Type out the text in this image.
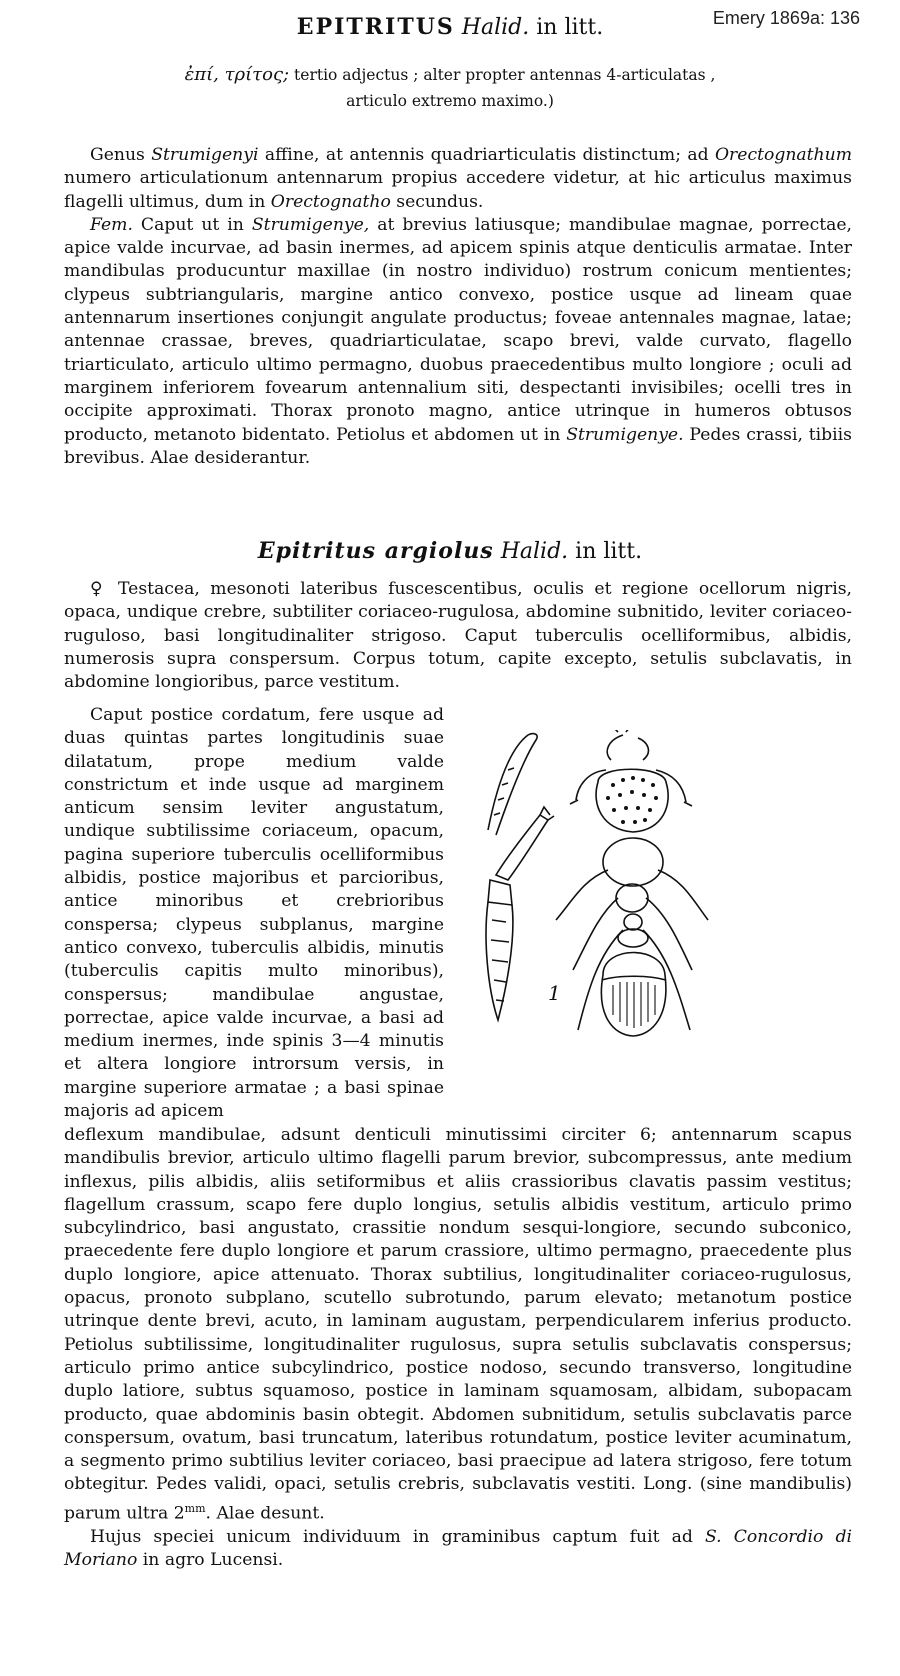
Emery 1869a: 136
EPITRITUS Halid. in litt.
ἐπί, τρίτος; tertio adjectus ; alter propter antennas 4-articulatas ,
articulo extremo maximo.)

Genus Strumigenyi affine, at antennis quadriarticulatis distinctum; ad Orectognathum numero articulationum antennarum propius accedere videtur, at hic articulus maximus flagelli ultimus, dum in Orectognatho secundus.

Fem. Caput ut in Strumigenye, at brevius latiusque; mandibulae magnae, porrectae, apice valde incurvae, ad basin inermes, ad apicem spinis atque denticulis armatae. Inter mandibulas producuntur maxillae (in nostro individuo) rostrum conicum mentientes; clypeus subtriangularis, margine antico convexo, postice usque ad lineam quae antennarum insertiones conjungit angulate productus; foveae antennales magnae, latae; antennae crassae, breves, quadriarticulatae, scapo brevi, valde curvato, flagello triarticulato, articulo ultimo permagno, duobus praecedentibus multo longiore ; oculi ad marginem inferiorem fovearum antennalium siti, despectanti invisibiles; ocelli tres in occipite approximati. Thorax pronoto magno, antice utrinque in humeros obtusos producto, metanoto bidentato. Petiolus et abdomen ut in Strumigenye. Pedes crassi, tibiis brevibus. Alae desiderantur.

Epitritus argiolus Halid. in litt.

♀ Testacea, mesonoti lateribus fuscescentibus, oculis et regione ocellorum nigris, opaca, undique crebre, subtiliter coriaceo-rugulosa, abdomine subnitido, leviter coriaceo-ruguloso, basi longitudinaliter strigoso. Caput tuberculis ocelliformibus, albidis, numerosis supra conspersum. Corpus totum, capite excepto, setulis subclavatis, in abdomine longioribus, parce vestitum.

Caput postice cordatum, fere usque ad duas quintas partes longitudinis suae dilatatum, prope medium valde constrictum et inde usque ad marginem anticum sensim leviter angustatum, undique subtilissime coriaceum, opacum, pagina superiore tuberculis ocelliformibus albidis, postice majoribus et parcioribus, antice minoribus et crebrioribus conspersa; clypeus subplanus, margine antico convexo, tuberculis albidis, minutis (tuberculis capitis multo minoribus), conspersus; mandibulae angustae, porrectae, apice valde incurvae, a basi ad medium inermes, inde spinis 3—4 minutis et altera longiore introrsum versis, in margine superiore armatae ; a basi spinae majoris ad apicem

1

deflexum mandibulae, adsunt denticuli minutissimi circiter 6; antennarum scapus mandibulis brevior, articulo ultimo flagelli parum brevior, subcompressus, ante medium inflexus, pilis albidis, aliis setiformibus et aliis crassioribus clavatis passim vestitus; flagellum crassum, scapo fere duplo longius, setulis albidis vestitum, articulo primo subcylindrico, basi angustato, crassitie nondum sesqui-longiore, secundo subconico, praecedente fere duplo longiore et parum crassiore, ultimo permagno, praecedente plus duplo longiore, apice attenuato. Thorax subtilius, longitudinaliter coriaceo-rugulosus, opacus, pronoto subplano, scutello subrotundo, parum elevato; metanotum postice utrinque dente brevi, acuto, in laminam augustam, perpendicularem inferius producto. Petiolus subtilissime, longitudinaliter rugulosus, supra setulis subclavatis conspersus; articulo primo antice subcylindrico, postice nodoso, secundo transverso, longitudine duplo latiore, subtus squamoso, postice in laminam squamosam, albidam, subopacam producto, quae abdominis basin obtegit. Abdomen subnitidum, setulis subclavatis parce conspersum, ovatum, basi truncatum, lateribus rotundatum, postice leviter acuminatum, a segmento primo subtilius leviter coriaceo, basi praecipue ad latera strigoso, fere totum obtegitur. Pedes validi, opaci, setulis crebris, subclavatis vestiti. Long. (sine mandibulis) parum ultra $2^{mm}$. Alae desunt.

Hujus speciei unicum individuum in graminibus captum fuit ad S. Concordio di Moriano in agro Lucensi.
